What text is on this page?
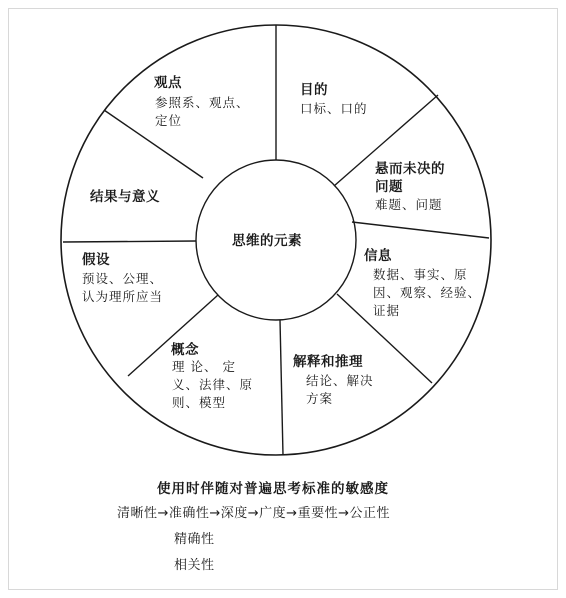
思维的元素

观点

参照系、观点、
定位

目的

口标、口的

悬而未决的
问题

难题、问题

信息

数据、事实、原
因、观察、经验、
证据

解释和推理

结论、解决
方案

概念

理 论、 定
义、法律、原
则、模型

假设

预设、公理、
认为理所应当

结果与意义

使用时伴随对普遍思考标准的敏感度

清晰性→准确性→深度→广度→重要性→公正性

精确性

相关性
